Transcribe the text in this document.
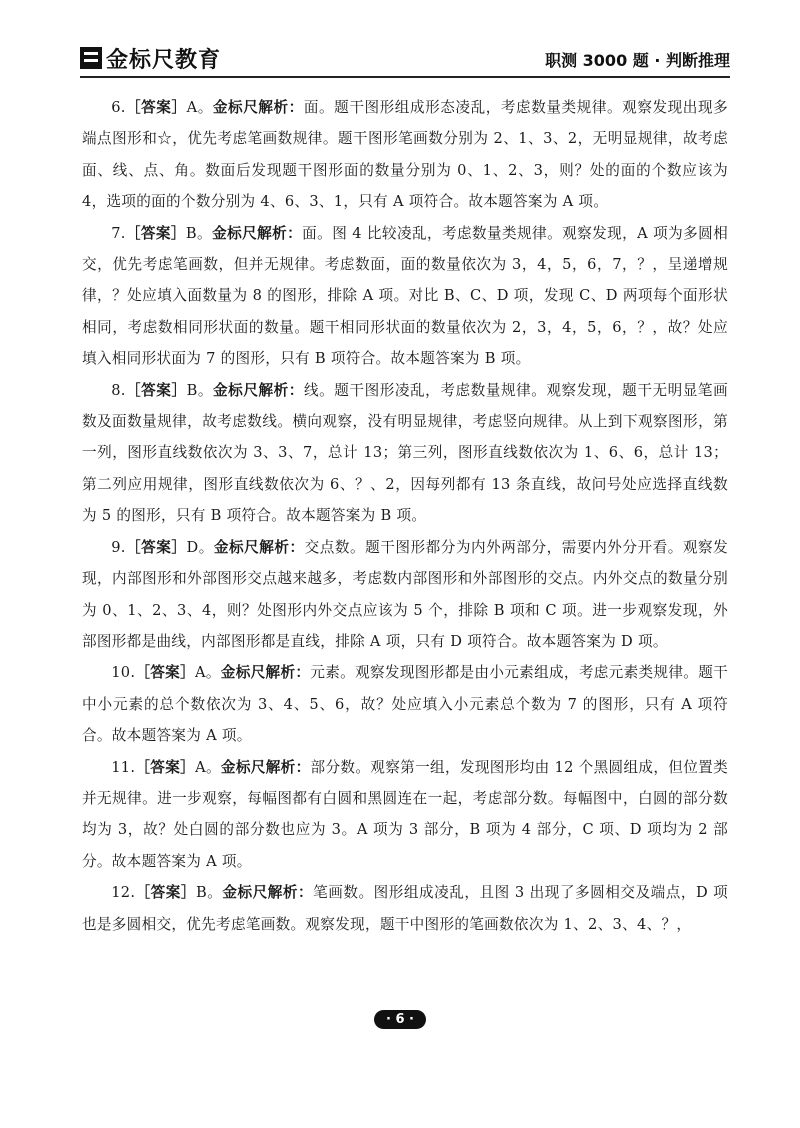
金标尺教育	职测 3000 题 · 判断推理

6.［答案］A。金标尺解析：面。题干图形组成形态凌乱，考虑数量类规律。观察发现出现多端点图形和☆，优先考虑笔画数规律。题干图形笔画数分别为 2、1、3、2，无明显规律，故考虑面、线、点、角。数面后发现题干图形面的数量分别为 0、1、2、3，则？处的面的个数应该为 4，选项的面的个数分别为 4、6、3、1，只有 A 项符合。故本题答案为 A 项。

7.［答案］B。金标尺解析：面。图 4 比较凌乱，考虑数量类规律。观察发现，A 项为多圆相交，优先考虑笔画数，但并无规律。考虑数面，面的数量依次为 3，4，5，6，7，？，呈递增规律，？处应填入面数量为 8 的图形，排除 A 项。对比 B、C、D 项，发现 C、D 两项每个面形状相同，考虑数相同形状面的数量。题干相同形状面的数量依次为 2，3，4，5，6，？，故？处应填入相同形状面为 7 的图形，只有 B 项符合。故本题答案为 B 项。

8.［答案］B。金标尺解析：线。题干图形凌乱，考虑数量规律。观察发现，题干无明显笔画数及面数量规律，故考虑数线。横向观察，没有明显规律，考虑竖向规律。从上到下观察图形，第一列，图形直线数依次为 3、3、7，总计 13；第三列，图形直线数依次为 1、6、6，总计 13；第二列应用规律，图形直线数依次为 6、？、2，因每列都有 13 条直线，故问号处应选择直线数为 5 的图形，只有 B 项符合。故本题答案为 B 项。

9.［答案］D。金标尺解析：交点数。题干图形都分为内外两部分，需要内外分开看。观察发现，内部图形和外部图形交点越来越多，考虑数内部图形和外部图形的交点。内外交点的数量分别为 0、1、2、3、4，则？处图形内外交点应该为 5 个，排除 B 项和 C 项。进一步观察发现，外部图形都是曲线，内部图形都是直线，排除 A 项，只有 D 项符合。故本题答案为 D 项。

10.［答案］A。金标尺解析：元素。观察发现图形都是由小元素组成，考虑元素类规律。题干中小元素的总个数依次为 3、4、5、6，故？处应填入小元素总个数为 7 的图形，只有 A 项符合。故本题答案为 A 项。

11.［答案］A。金标尺解析：部分数。观察第一组，发现图形均由 12 个黑圆组成，但位置类并无规律。进一步观察，每幅图都有白圆和黑圆连在一起，考虑部分数。每幅图中，白圆的部分数均为 3，故？处白圆的部分数也应为 3。A 项为 3 部分，B 项为 4 部分，C 项、D 项均为 2 部分。故本题答案为 A 项。

12.［答案］B。金标尺解析：笔画数。图形组成凌乱，且图 3 出现了多圆相交及端点，D 项也是多圆相交，优先考虑笔画数。观察发现，题干中图形的笔画数依次为 1、2、3、4、？，

· 6 ·
